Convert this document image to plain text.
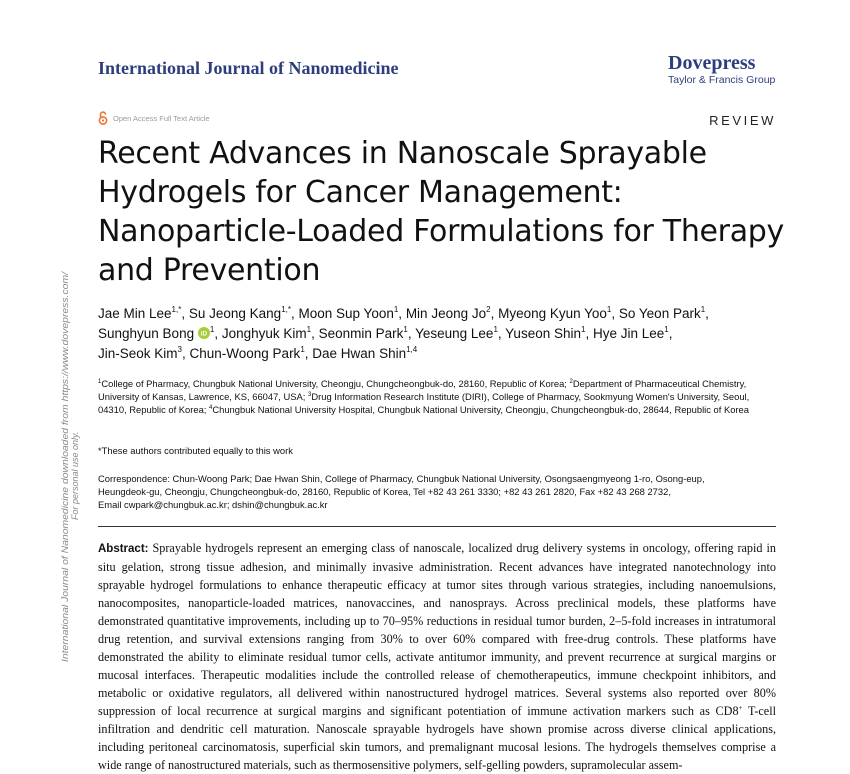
International Journal of Nanomedicine	Dovepress
Taylor & Francis Group
Open Access Full Text Article	REVIEW
Recent Advances in Nanoscale Sprayable
Hydrogels for Cancer Management:
Nanoparticle-Loaded Formulations for Therapy
and Prevention
Jae Min Lee$^{1,*}$, Su Jeong Kang$^{1,*}$, Moon Sup Yoon$^1$, Min Jeong Jo$^2$, Myeong Kyun Yoo$^1$, So Yeon Park$^1$,
Sunghyun Bong iD
$^1$, Jonghyuk Kim$^1$, Seonmin Park$^1$, Yeseung Lee$^1$, Yuseon Shin$^1$, Hye Jin Lee$^1$,
Jin-Seok Kim$^3$, Chun-Woong Park$^1$, Dae Hwan Shin$^{1,4}$
$^1$College of Pharmacy, Chungbuk National University, Cheongju, Chungcheongbuk-do, 28160, Republic of Korea; $^2$Department of Pharmaceutical Chemistry, University of Kansas, Lawrence, KS, 66047, USA; $^3$Drug Information Research Institute (DIRI), College of Pharmacy, Sookmyung Women's University, Seoul, 04310, Republic of Korea; $^4$Chungbuk National University Hospital, Chungbuk National University, Cheongju, Chungcheongbuk-do, 28644, Republic of Korea
*These authors contributed equally to this work
Correspondence: Chun-Woong Park; Dae Hwan Shin, College of Pharmacy, Chungbuk National University, Osongsaengmyeong 1-ro, Osong-eup,
Heungdeok-gu, Cheongju, Chungcheongbuk-do, 28160, Republic of Korea, Tel +82 43 261 3330; +82 43 261 2820, Fax +82 43 268 2732,
Email cwpark@chungbuk.ac.kr; dshin@chungbuk.ac.kr
Abstract: Sprayable hydrogels represent an emerging class of nanoscale, localized drug delivery systems in oncology, offering rapid in situ gelation, strong tissue adhesion, and minimally invasive administration. Recent advances have integrated nanotechnology into sprayable hydrogel formulations to enhance therapeutic efficacy at tumor sites through various strategies, including nanoemulsions, nanocomposites, nanoparticle-loaded matrices, nanovaccines, and nanosprays. Across preclinical models, these platforms have demonstrated quantitative improvements, including up to 70–95% reductions in residual tumor burden, 2–5-fold increases in intratumoral drug retention, and survival extensions ranging from 30% to over 60% compared with free-drug controls. These platforms have demonstrated the ability to eliminate residual tumor cells, activate antitumor immunity, and prevent recurrence at surgical margins or mucosal interfaces. Therapeutic modalities include the controlled release of chemotherapeutics, immune checkpoint inhibitors, and metabolic or oxidative regulators, all delivered within nanostructured hydrogel matrices. Several systems also reported over 80% suppression of local recurrence at surgical margins and significant potentiation of immune activation markers such as CD8+ T-cell infiltration and dendritic cell maturation. Nanoscale sprayable hydrogels have shown promise across diverse clinical applications, including peritoneal carcinomatosis, superficial skin tumors, and premalignant mucosal lesions. The hydrogels themselves comprise a wide range of nanostructured materials, such as thermosensitive polymers, self-gelling powders, supramolecular assem-
International Journal of Nanomedicine downloaded from https://www.dovepress.com/ For personal use only.
